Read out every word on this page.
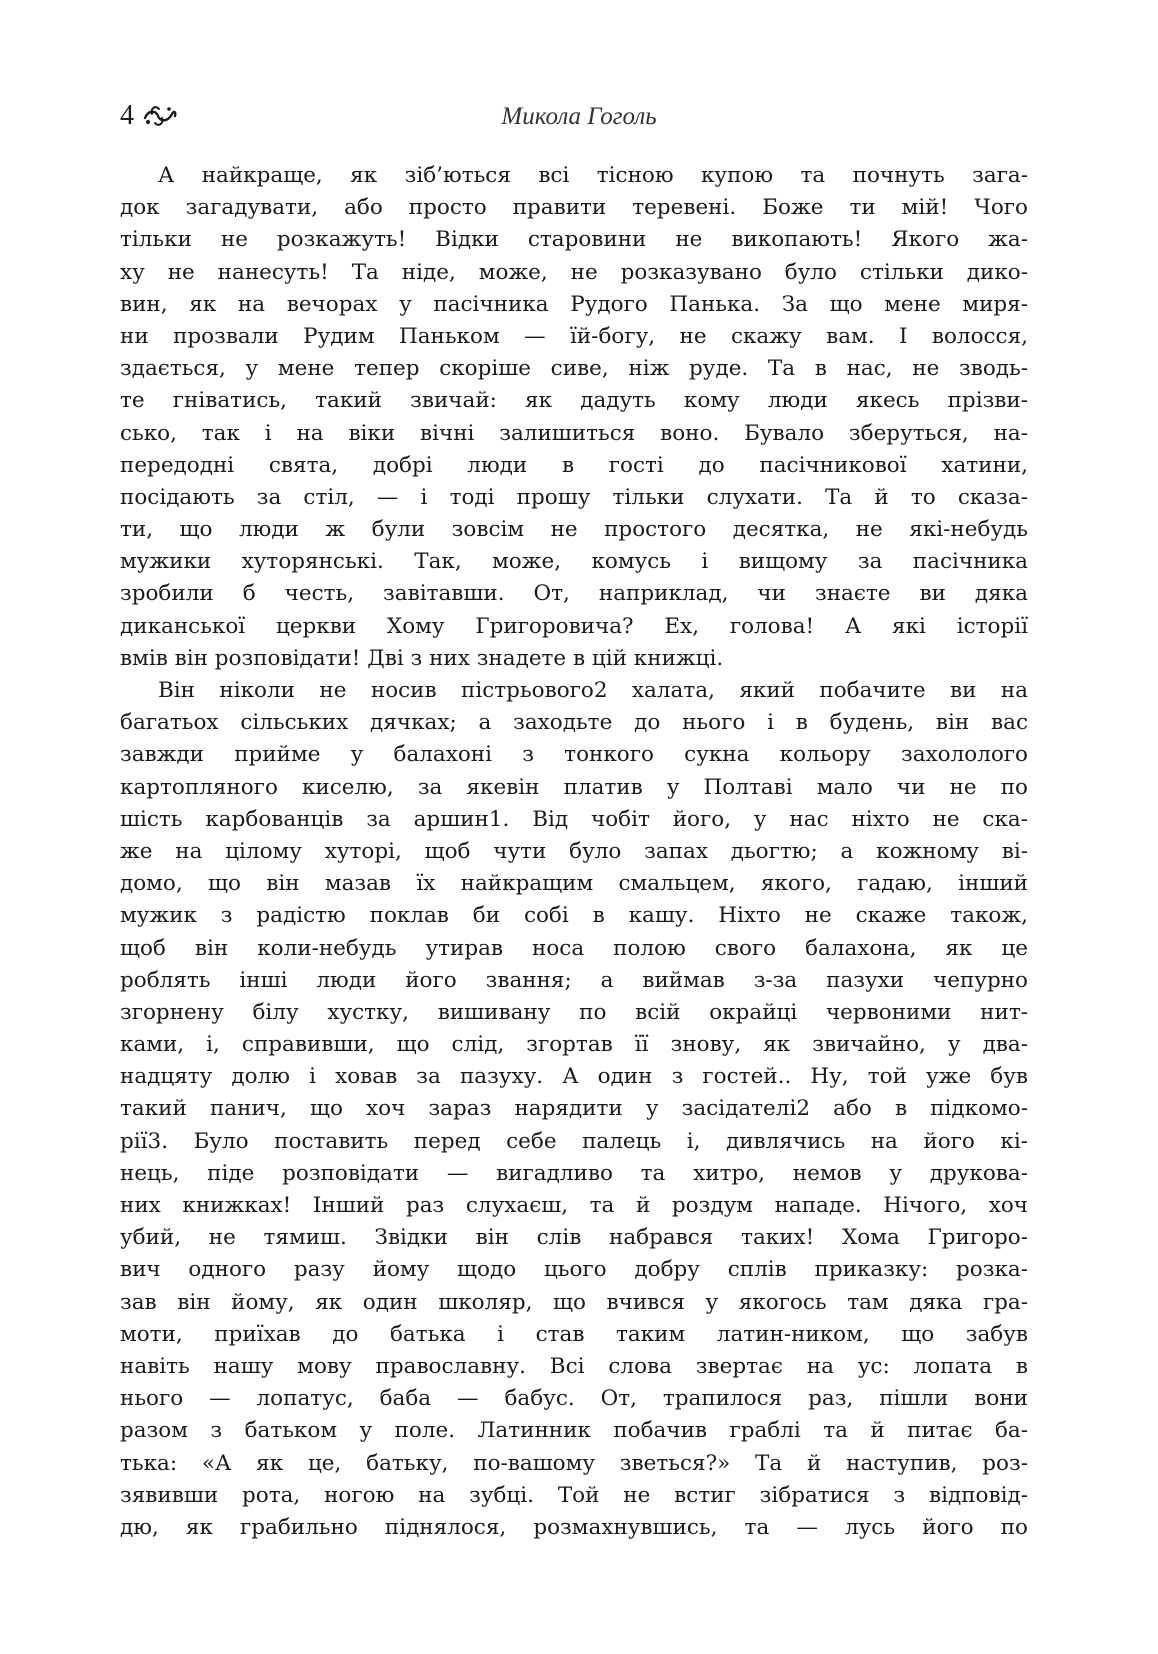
4	Микола Гоголь
А найкраще, як зіб’ються всі тісною купою та почнуть зага-
док загадувати, або просто правити теревені. Боже ти мій! Чого
тільки не розкажуть! Відки старовини не викопають! Якого жа-
ху не нанесуть! Та ніде, може, не розказувано було стільки дико-
вин, як на вечорах у пасічника Рудого Панька. За що мене миря-
ни прозвали Рудим Паньком — їй-богу, не скажу вам. І волосся,
здається, у мене тепер скоріше сиве, ніж руде. Та в нас, не зводь-
те гніватись, такий звичай: як дадуть кому люди якесь прізви-
сько, так і на віки вічні залишиться воно. Бувало зберуться, на-
передодні свята, добрі люди в гості до пасічникової хатини,
посідають за стіл, — і тоді прошу тільки слухати. Та й то сказа-
ти, що люди ж були зовсім не простого десятка, не які-небудь
мужики хуторянські. Так, може, комусь і вищому за пасічника
зробили б честь, завітавши. От, наприклад, чи знаєте ви дяка
диканської церкви Хому Григоровича? Ех, голова! А які історії
вмів він розповідати! Дві з них знадете в цій книжці.
Він ніколи не носив пістрьового2 халата, який побачите ви на
багатьох сільських дячках; а заходьте до нього і в будень, він вас
завжди прийме у балахоні з тонкого сукна кольору захололого
картопляного киселю, за якевін платив у Полтаві мало чи не по
шість карбованців за аршин1. Від чобіт його, у нас ніхто не ска-
же на цілому хуторі, щоб чути було запах дьогтю; а кожному ві-
домо, що він мазав їх найкращим смальцем, якого, гадаю, інший
мужик з радістю поклав би собі в кашу. Ніхто не скаже також,
щоб він коли-небудь утирав носа полою свого балахона, як це
роблять інші люди його звання; а виймав з-за пазухи чепурно
згорнену білу хустку, вишивану по всій окрайці червоними нит-
ками, і, справивши, що слід, згортав її знову, як звичайно, у два-
надцяту долю і ховав за пазуху. А один з гостей.. Ну, той уже був
такий панич, що хоч зараз нарядити у засідателі2 або в підкомо-
рії3. Було поставить перед себе палець і, дивлячись на його кі-
нець, піде розповідати — вигадливо та хитро, немов у друкова-
них книжках! Інший раз слухаєш, та й роздум нападе. Нічого, хоч
убий, не тямиш. Звідки він слів набрався таких! Хома Григоро-
вич одного разу йому щодо цього добру сплів приказку: розка-
зав він йому, як один школяр, що вчився у якогось там дяка гра-
моти, приїхав до батька і став таким латин-ником, що забув
навіть нашу мову православну. Всі слова звертає на ус: лопата в
нього — лопатус, баба — бабус. От, трапилося раз, пішли вони
разом з батьком у поле. Латинник побачив граблі та й питає ба-
тька: «А як це, батьку, по-вашому зветься?» Та й наступив, роз-
зявивши рота, ногою на зубці. Той не встиг зібратися з відповід-
дю, як грабильно піднялося, розмахнувшись, та — лусь його по
